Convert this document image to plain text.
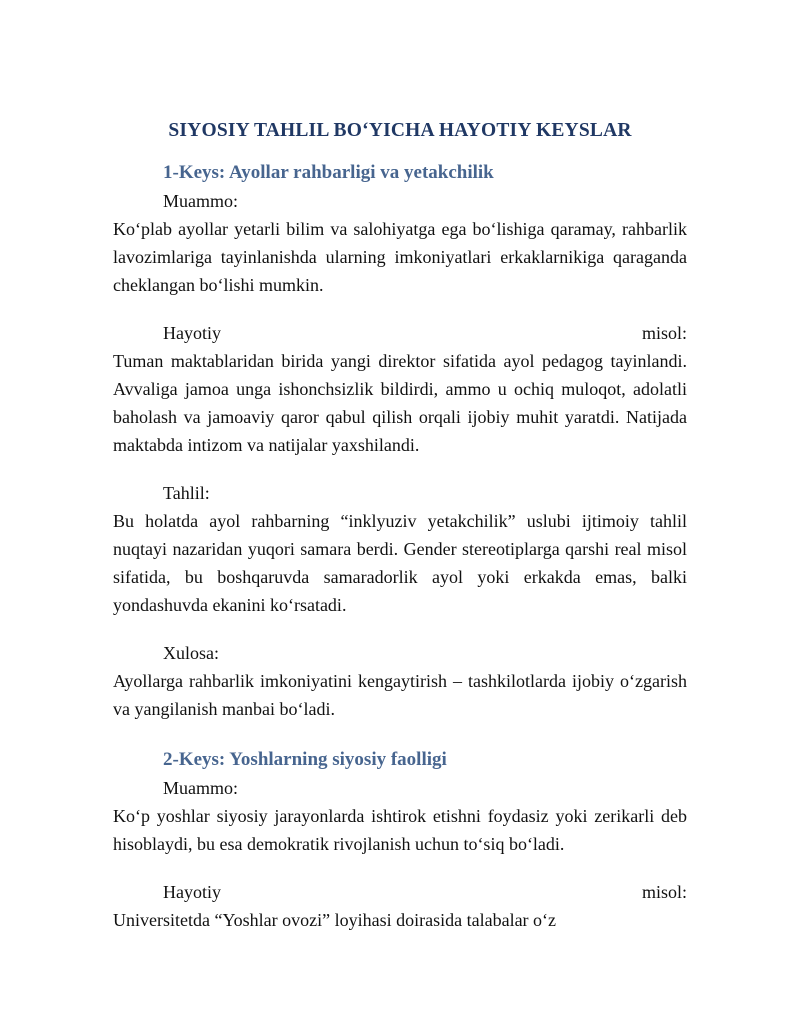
SIYOSIY TAHLIL BO‘YICHA HAYOTIY KEYSLAR
1-Keys: Ayollar rahbarligi va yetakchilik

Muammo:

Ko‘plab ayollar yetarli bilim va salohiyatga ega bo‘lishiga qaramay, rahbarlik lavozimlariga tayinlanishda ularning imkoniyatlari erkaklarnikiga qaraganda cheklangan bo‘lishi mumkin.

Hayotiy	misol:

Tuman maktablaridan birida yangi direktor sifatida ayol pedagog tayinlandi. Avvaliga jamoa unga ishonchsizlik bildirdi, ammo u ochiq muloqot, adolatli baholash va jamoaviy qaror qabul qilish orqali ijobiy muhit yaratdi. Natijada maktabda intizom va natijalar yaxshilandi.

Tahlil:

Bu holatda ayol rahbarning “inklyuziv yetakchilik” uslubi ijtimoiy tahlil nuqtayi nazaridan yuqori samara berdi. Gender stereotiplarga qarshi real misol sifatida, bu boshqaruvda samaradorlik ayol yoki erkakda emas, balki yondashuvda ekanini ko‘rsatadi.

Xulosa:

Ayollarga rahbarlik imkoniyatini kengaytirish – tashkilotlarda ijobiy o‘zgarish va yangilanish manbai bo‘ladi.

2-Keys: Yoshlarning siyosiy faolligi

Muammo:

Ko‘p yoshlar siyosiy jarayonlarda ishtirok etishni foydasiz yoki zerikarli deb hisoblaydi, bu esa demokratik rivojlanish uchun to‘siq bo‘ladi.

Hayotiy	misol:

Universitetda “Yoshlar ovozi” loyihasi doirasida talabalar o‘z
